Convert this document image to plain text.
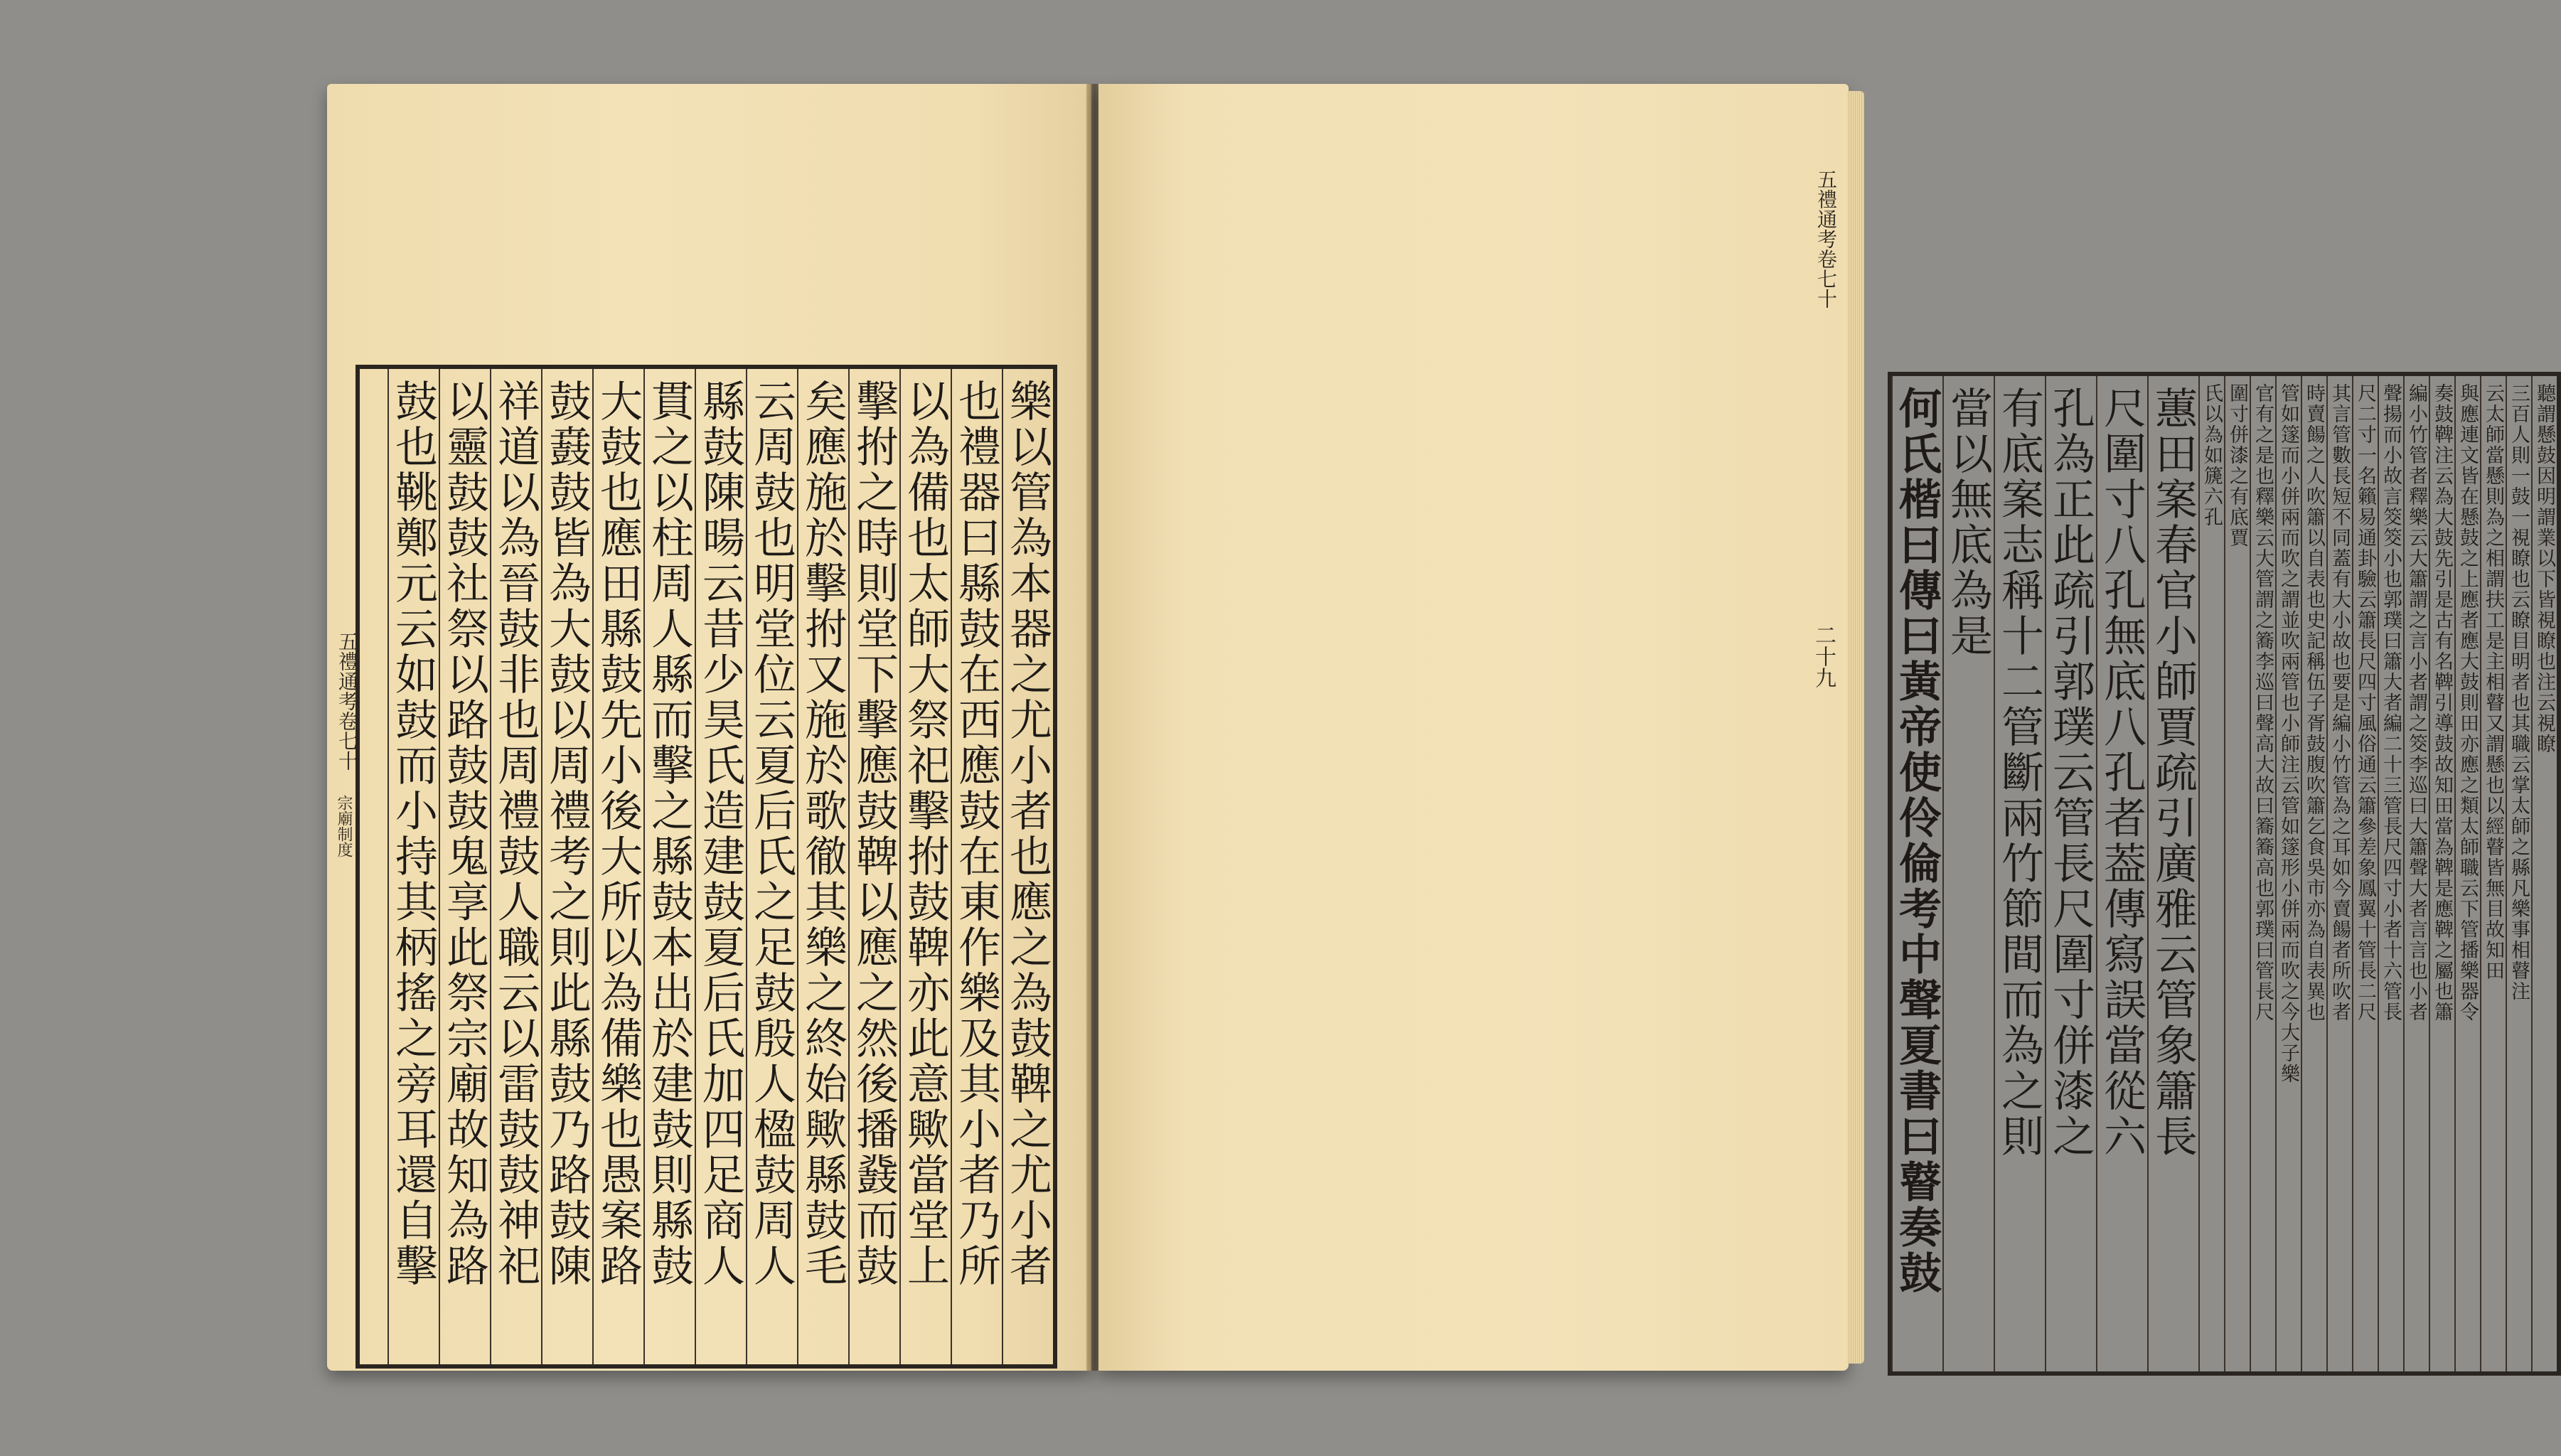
五禮通考卷七十
宗廟制度	樂以管為本器之尤小者也應之為鼓鞞之尤小者
也禮器曰縣鼓在西應鼓在東作樂及其小者乃所
以為備也太師大祭祀擊拊鼓鞞亦此意歟當堂上
擊拊之時則堂下擊應鼓鞞以應之然後播鼗而鼓
矣應施於擊拊又施於歌徹其樂之終始歟縣鼓毛
云周鼓也明堂位云夏后氏之足鼓殷人楹鼓周人
縣鼓陳暘云昔少昊氏造建鼓夏后氏加四足商人
貫之以柱周人縣而擊之縣鼓本出於建鼓則縣鼓
大鼓也應田縣鼓先小後大所以為備樂也愚案路
鼓鼖鼓皆為大鼓以周禮考之則此縣鼓乃路鼓陳
祥道以為晉鼓非也周禮鼓人職云以雷鼓鼓神祀
以靈鼓鼓社祭以路鼓鼓鬼享此祭宗廟故知為路
鼓也鞉鄭元云如鼓而小持其柄搖之旁耳還自擊
五禮通考卷七十
二十九	聽謂懸鼓因明謂業以下皆視瞭也注云視瞭
三百人則一鼓一視瞭也云瞭目明者也其職云掌太師之縣凡樂事相瞽注
云太師當懸則為之相謂扶工是主相瞽又謂懸也以經瞽皆無目故知田
與應連文皆在懸鼓之上應者應大鼓則田亦應之類太師職云下管播樂器令
奏鼓鞞注云為大鼓先引是古有名鞞引導鼓故知田當為鞞是應鞞之屬也簫
編小竹管者釋樂云大簫謂之言小者謂之筊李巡曰大簫聲大者言言也小者
聲揚而小故言筊筊小也郭璞曰簫大者編二十三管長尺四寸小者十六管長
尺二寸一名籟易通卦驗云簫長尺四寸風俗通云簫參差象鳳翼十管長二尺
其言管數長短不同蓋有大小故也要是編小竹管為之耳如今賣餳者所吹者
時賣餳之人吹簫以自表也史記稱伍子胥鼓腹吹簫乞食吳市亦為自表異也
管如篴而小併兩而吹之謂並吹兩管也小師注云管如篴形小併兩而吹之今大子樂
官有之是也釋樂云大管謂之簥李巡曰聲高大故曰簥簥高也郭璞曰管長尺
圍寸併漆之有底賈
氏以為如篪六孔
蕙田案春官小師賈疏引廣雅云管象簫長
尺圍寸八孔無底八孔者葢傳寫誤當從六
孔為正此疏引郭璞云管長尺圍寸併漆之
有底案志稱十二管斷兩竹節間而為之則
當以無底為是
何氏楷曰傳曰黃帝使伶倫考中聲夏書曰瞽奏鼓
